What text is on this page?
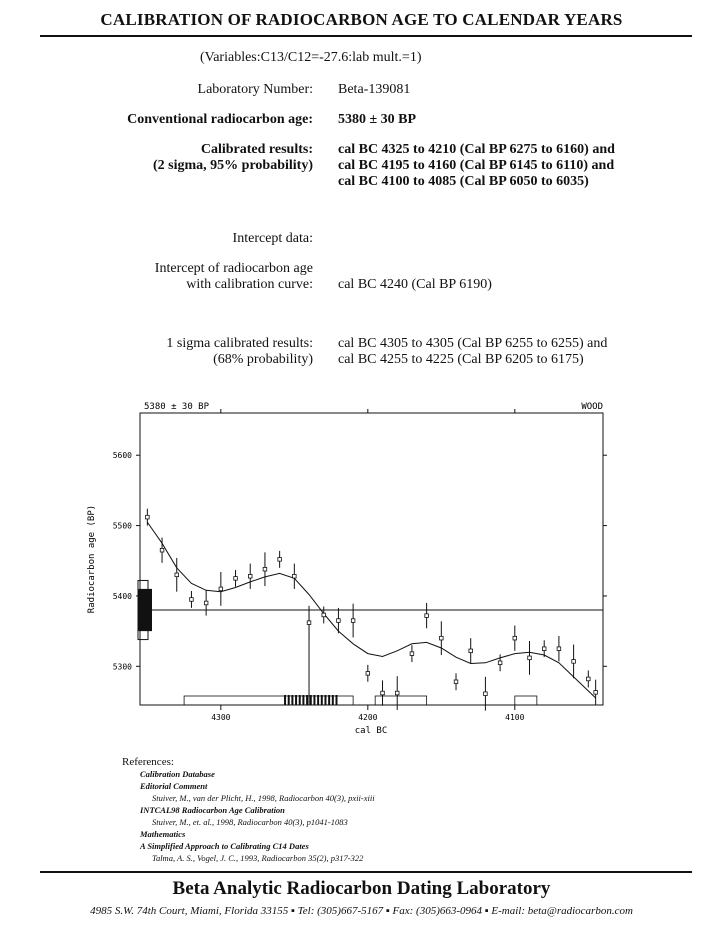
CALIBRATION OF RADIOCARBON AGE TO CALENDAR YEARS
(Variables:C13/C12=-27.6:lab mult.=1)
Laboratory Number: Beta-139081
Conventional radiocarbon age: 5380 ± 30 BP
Calibrated results:
(2 sigma, 95% probability)
cal BC 4325 to 4210 (Cal BP 6275 to 6160) and
cal BC 4195 to 4160 (Cal BP 6145 to 6110) and
cal BC 4100 to 4085 (Cal BP 6050 to 6035)
Intercept data:
Intercept of radiocarbon age
with calibration curve: cal BC 4240 (Cal BP 6190)
1 sigma calibrated results:
(68% probability)
cal BC 4305 to 4305 (Cal BP 6255 to 6255) and
cal BC 4255 to 4225 (Cal BP 6205 to 6175)
5380 ± 30 BP	WOOD
5600
5500
5400
5300
4300	4200	4100
Radiocarbon age (BP)
cal BC
References:
Calibration Database
Editorial Comment
Stuiver, M., van der Plicht, H., 1998, Radiocarbon 40(3), pxii-xiii
INTCAL98 Radiocarbon Age Calibration
Stuiver, M., et. al., 1998, Radiocarbon 40(3), p1041-1083
Mathematics
A Simplified Approach to Calibrating C14 Dates
Talma, A. S., Vogel, J. C., 1993, Radiocarbon 35(2), p317-322
Beta Analytic Radiocarbon Dating Laboratory
4985 S.W. 74th Court, Miami, Florida 33155 ▪ Tel: (305)667-5167 ▪ Fax: (305)663-0964 ▪ E-mail: beta@radiocarbon.com
